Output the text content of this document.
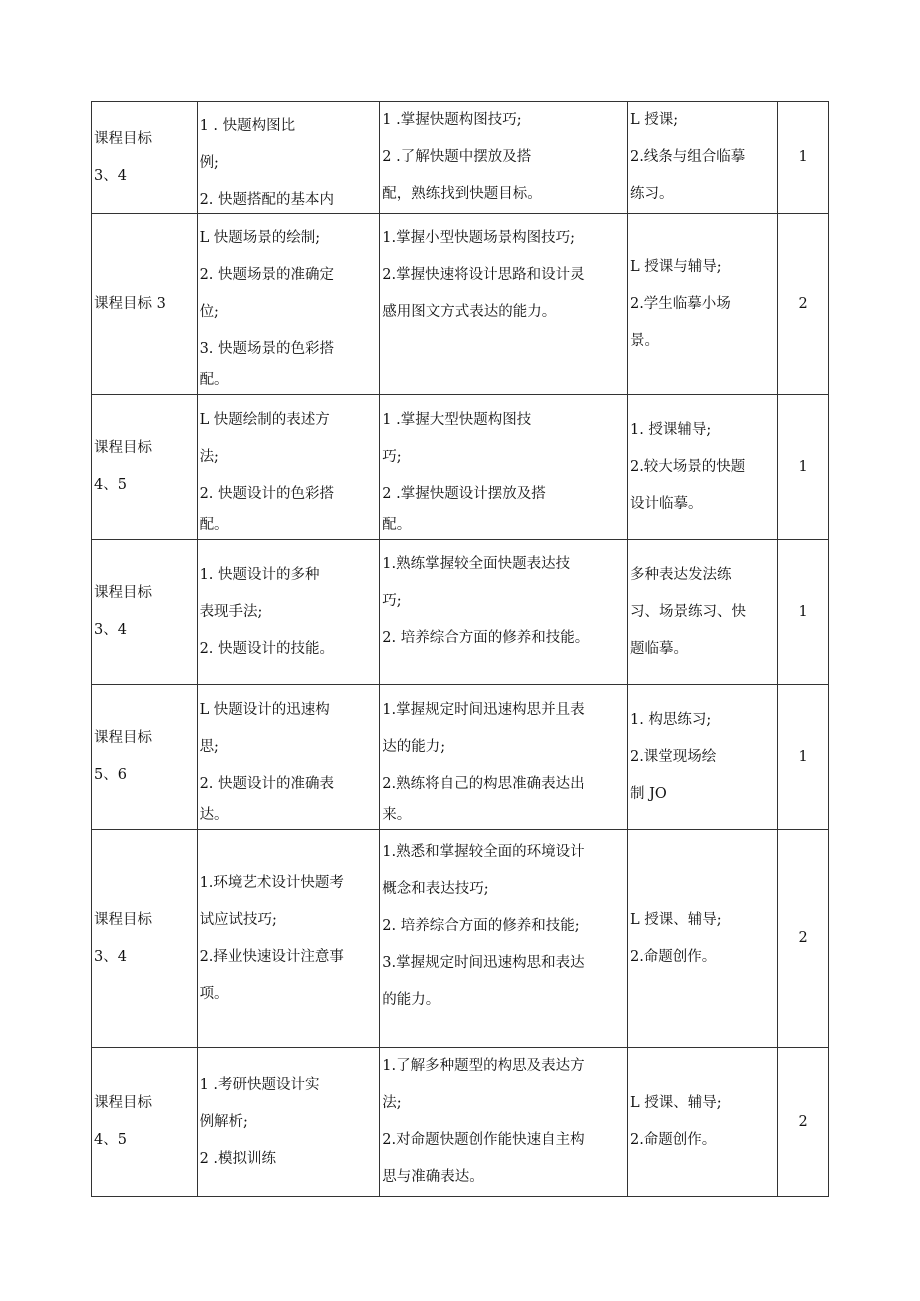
课程目标
3、4	1 . 快题构图比
例;
2. 快题搭配的基本内	1 .掌握快题构图技巧;
2 .了解快题中摆放及搭
配，熟练找到快题目标。	L 授课;
2.线条与组合临摹
练习。	1

课程目标 3	L 快题场景的绘制;
2. 快题场景的准确定
位;
3. 快题场景的色彩搭
配。	1.掌握小型快题场景构图技巧;
2.掌握快速将设计思路和设计灵
感用图文方式表达的能力。	L 授课与辅导;
2.学生临摹小场
景。	2

课程目标
4、5	L 快题绘制的表述方
法;
2. 快题设计的色彩搭
配。	1 .掌握大型快题构图技
巧;
2 .掌握快题设计摆放及搭
配。	1. 授课辅导;
2.较大场景的快题
设计临摹。	1

课程目标
3、4	1. 快题设计的多种
表现手法;
2. 快题设计的技能。	1.熟练掌握较全面快题表达技
巧;
2. 培养综合方面的修养和技能。	多种表达发法练
习、场景练习、快
题临摹。	1

课程目标
5、6	L 快题设计的迅速构
思;
2. 快题设计的准确表
达。	1.掌握规定时间迅速构思并且表
达的能力;
2.熟练将自己的构思准确表达出
来。	1. 构思练习;
2.课堂现场绘
制 JO	1

课程目标
3、4	1.环境艺术设计快题考
试应试技巧;
2.择业快速设计注意事
项。	1.熟悉和掌握较全面的环境设计
概念和表达技巧;
2. 培养综合方面的修养和技能;
3.掌握规定时间迅速构思和表达
的能力。	L 授课、辅导;
2.命题创作。	2

课程目标
4、5	1 .考研快题设计实
例解析;
2 .模拟训练	1.了解多种题型的构思及表达方
法;
2.对命题快题创作能快速自主构
思与准确表达。	L 授课、辅导;
2.命题创作。	2
